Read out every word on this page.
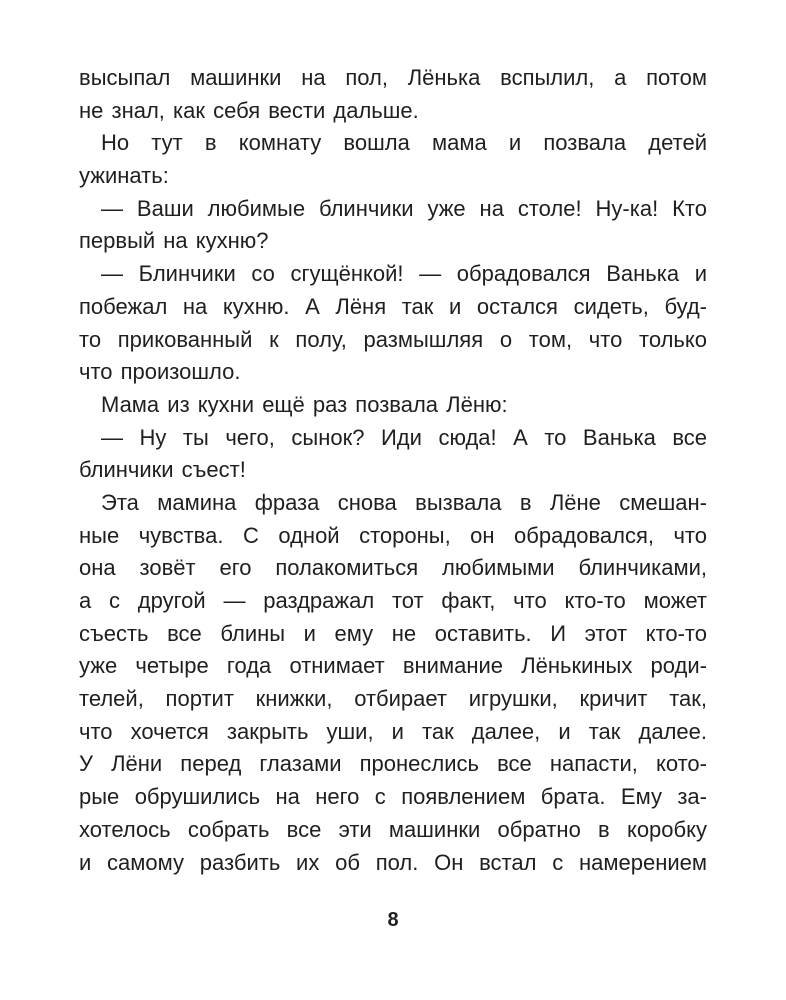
высыпал машинки на пол, Лёнька вспылил, а потом
не знал, как себя вести дальше.
Но тут в комнату вошла мама и позвала детей
ужинать:
— Ваши любимые блинчики уже на столе! Ну-ка! Кто
первый на кухню?
— Блинчики со сгущёнкой! — обрадовался Ванька и
побежал на кухню. А Лёня так и остался сидеть, буд-
то прикованный к полу, размышляя о том, что только
что произошло.
Мама из кухни ещё раз позвала Лёню:
— Ну ты чего, сынок? Иди сюда! А то Ванька все
блинчики съест!
Эта мамина фраза снова вызвала в Лёне смешан-
ные чувства. С одной стороны, он обрадовался, что
она зовёт его полакомиться любимыми блинчиками,
а с другой — раздражал тот факт, что кто-то может
съесть все блины и ему не оставить. И этот кто-то
уже четыре года отнимает внимание Лёнькиных роди-
телей, портит книжки, отбирает игрушки, кричит так,
что хочется закрыть уши, и так далее, и так далее.
У Лёни перед глазами пронеслись все напасти, кото-
рые обрушились на него с появлением брата. Ему за-
хотелось собрать все эти машинки обратно в коробку
и самому разбить их об пол. Он встал с намерением
8
